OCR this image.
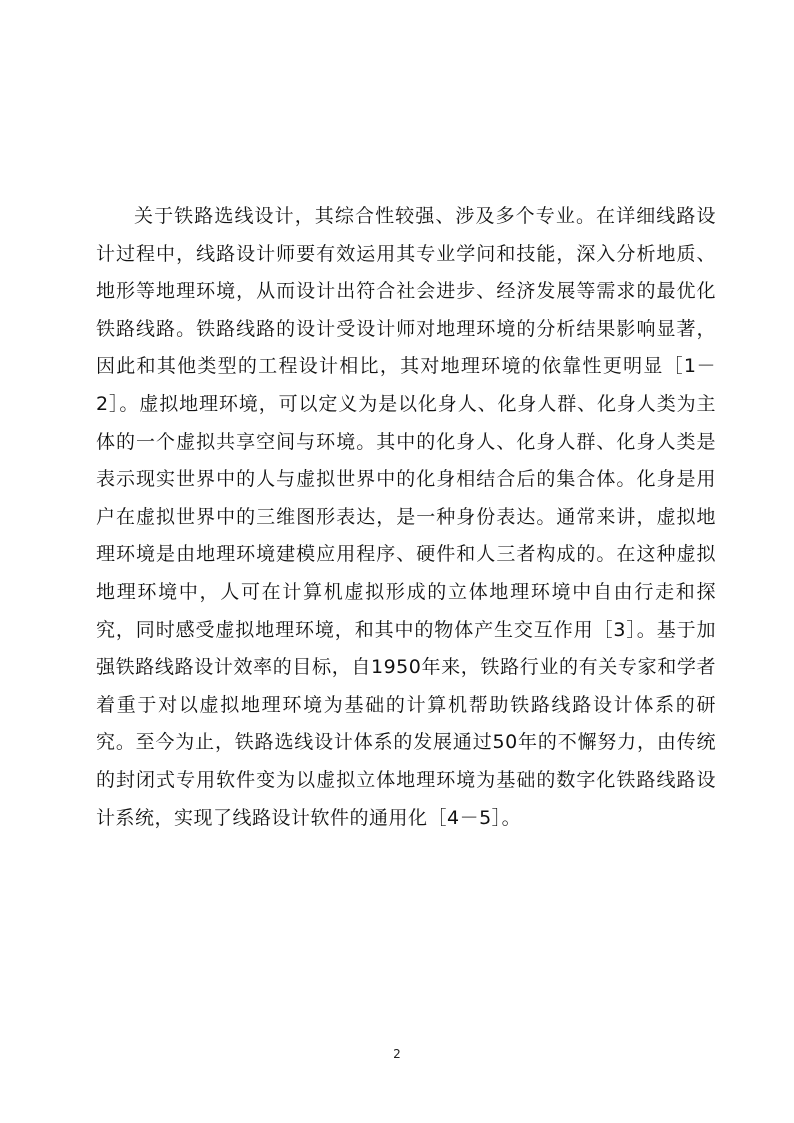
关于铁路选线设计，其综合性较强、涉及多个专业。在详细线路设计过程中，线路设计师要有效运用其专业学问和技能，深入分析地质、地形等地理环境，从而设计出符合社会进步、经济发展等需求的最优化铁路线路。铁路线路的设计受设计师对地理环境的分析结果影响显著，因此和其他类型的工程设计相比，其对地理环境的依靠性更明显［1－2］。虚拟地理环境，可以定义为是以化身人、化身人群、化身人类为主体的一个虚拟共享空间与环境。其中的化身人、化身人群、化身人类是表示现实世界中的人与虚拟世界中的化身相结合后的集合体。化身是用户在虚拟世界中的三维图形表达，是一种身份表达。通常来讲，虚拟地理环境是由地理环境建模应用程序、硬件和人三者构成的。在这种虚拟地理环境中，人可在计算机虚拟形成的立体地理环境中自由行走和探究，同时感受虚拟地理环境，和其中的物体产生交互作用［3］。基于加强铁路线路设计效率的目标，自1950年来，铁路行业的有关专家和学者着重于对以虚拟地理环境为基础的计算机帮助铁路线路设计体系的研究。至今为止，铁路选线设计体系的发展通过50年的不懈努力，由传统的封闭式专用软件变为以虚拟立体地理环境为基础的数字化铁路线路设计系统，实现了线路设计软件的通用化［4－5］。

2
